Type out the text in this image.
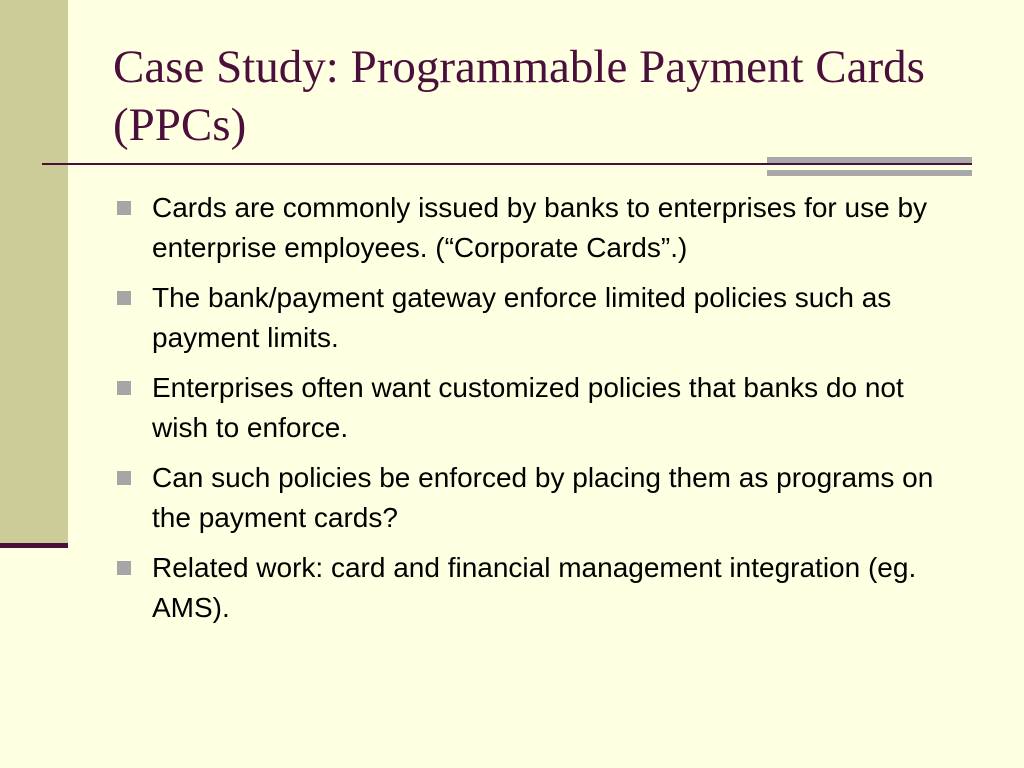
Case Study: Programmable Payment Cards (PPCs)
Cards are commonly issued by banks to enterprises for use by enterprise employees. (“Corporate Cards”.)
The bank/payment gateway enforce limited policies such as payment limits.
Enterprises often want customized policies that banks do not wish to enforce.
Can such policies be enforced by placing them as programs on the payment cards?
Related work: card and financial management integration (eg. AMS).
